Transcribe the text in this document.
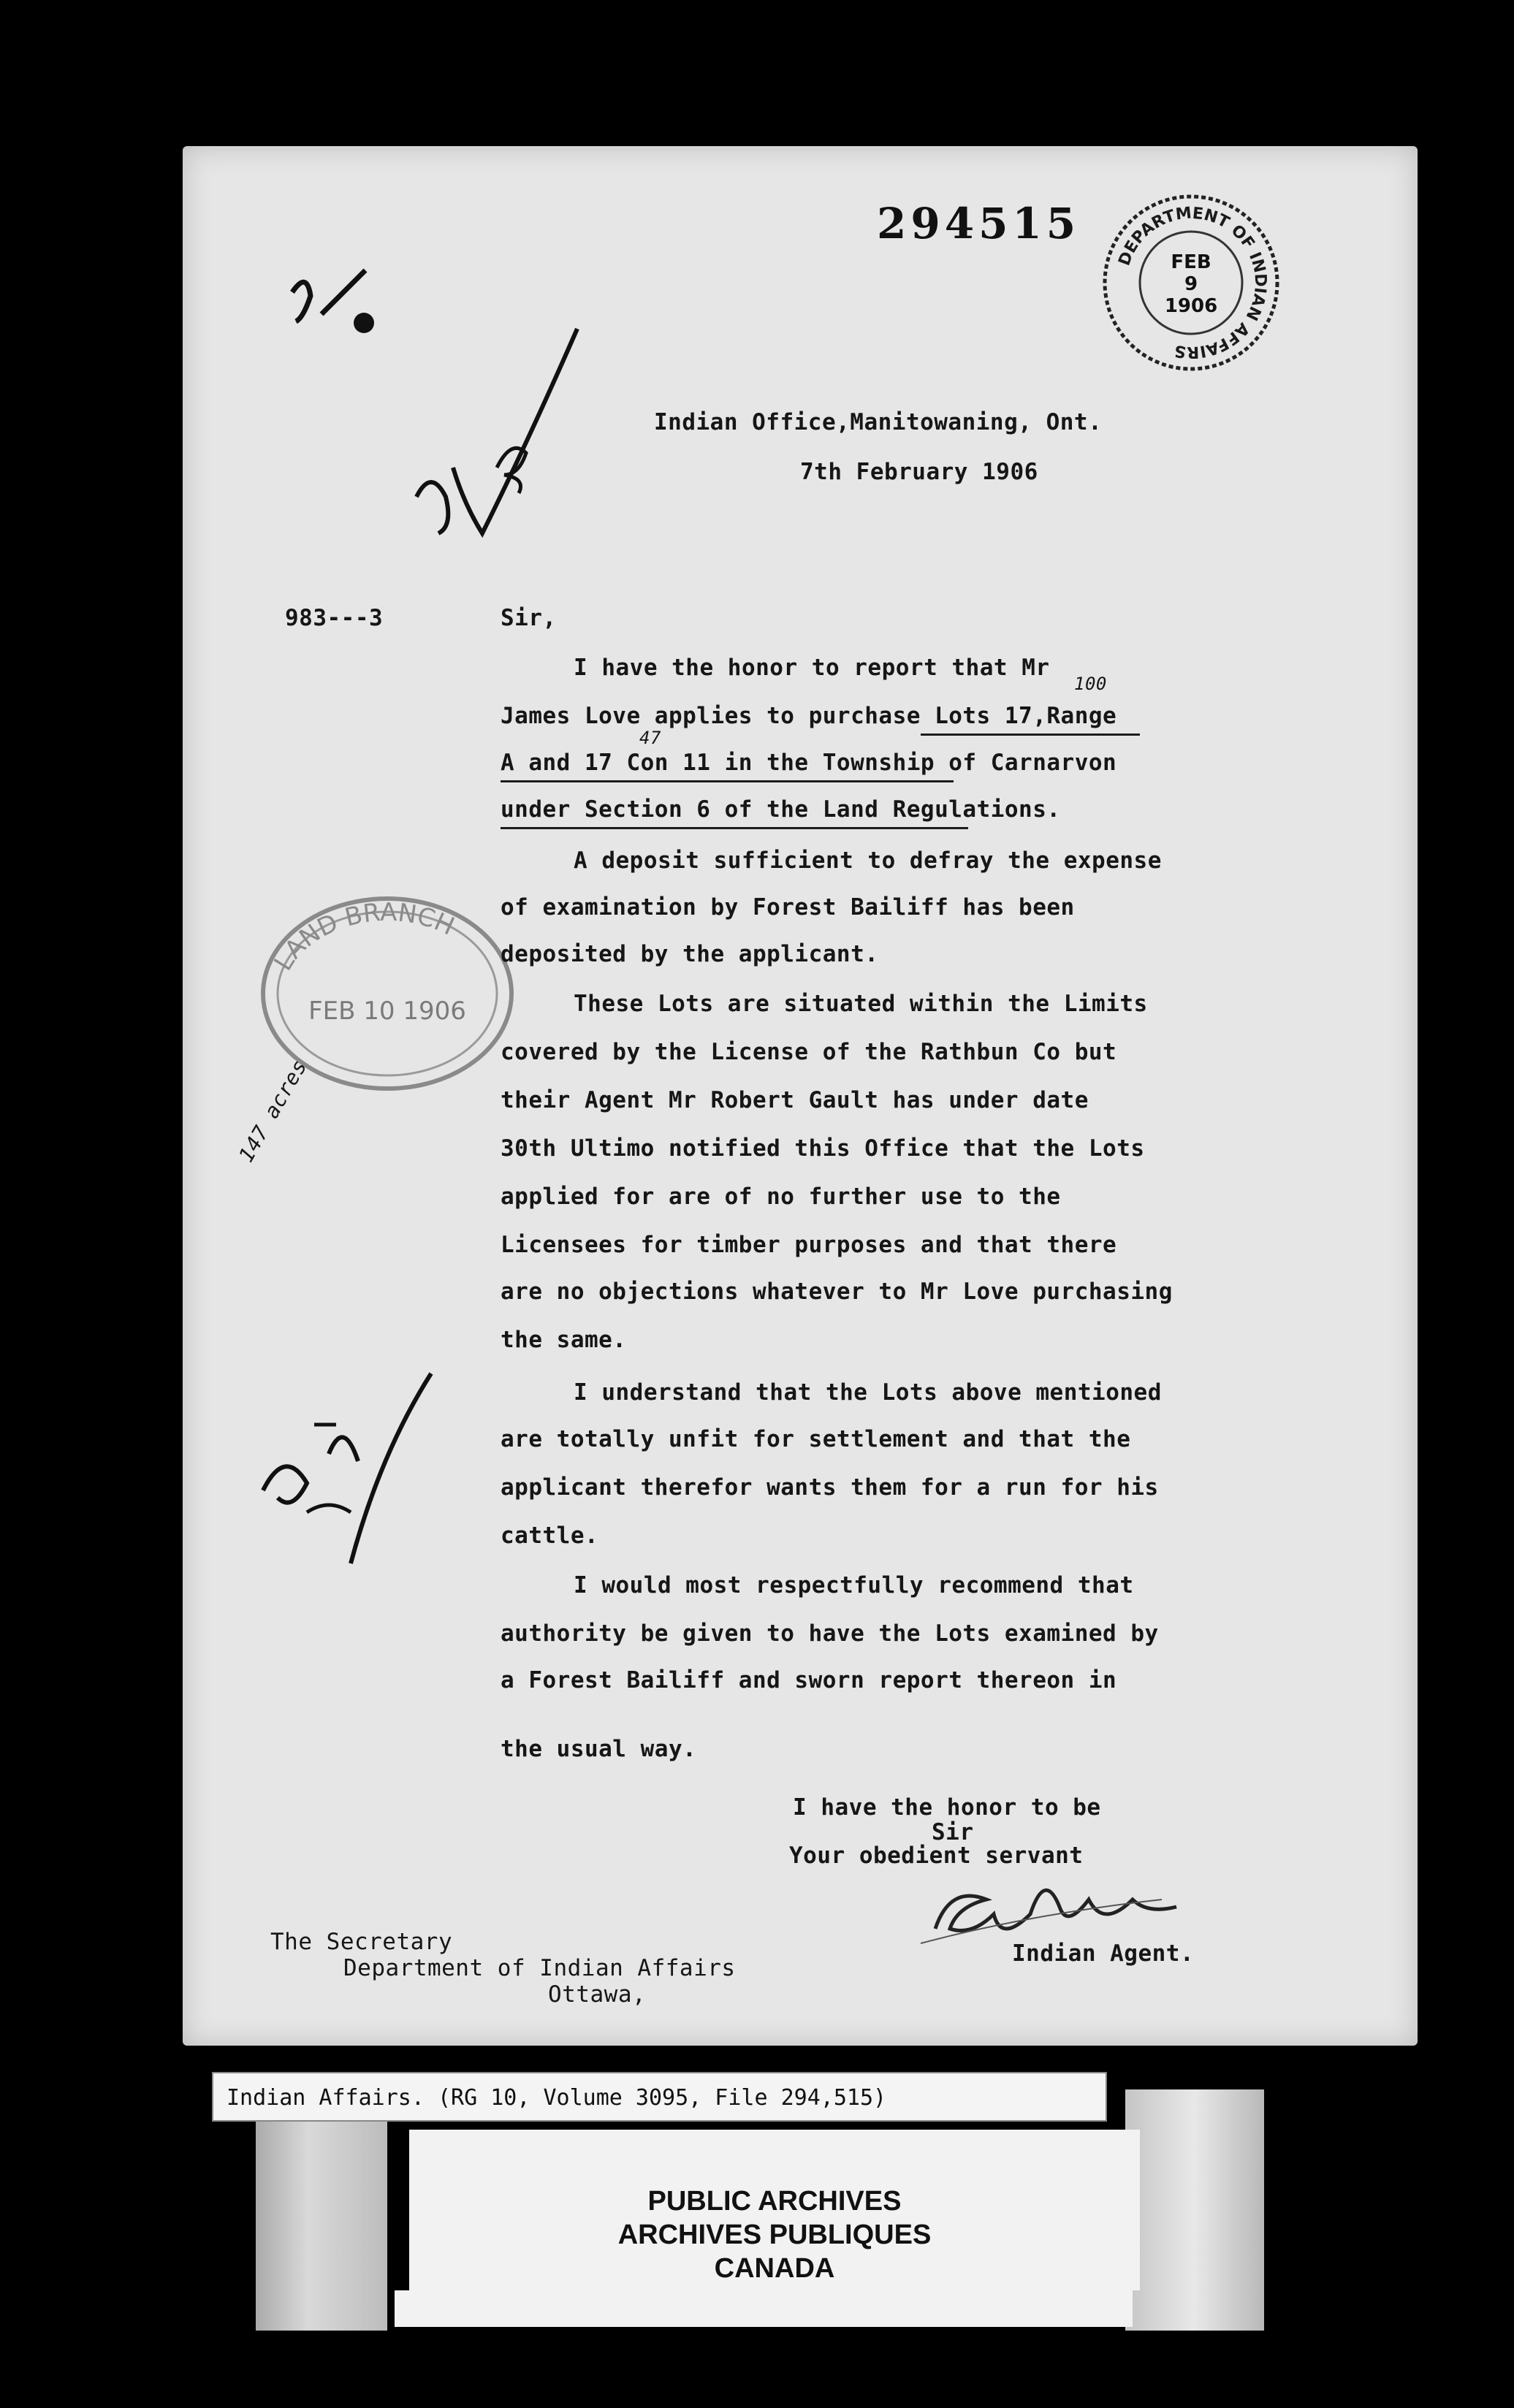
294515
DEPARTMENT OF INDIAN AFFAIRS
FEB
9
1906
LAND BRANCH
FEB 10 1906
Indian Office,Manitowaning, Ont.
7th February 1906
983---3	Sir,
I have the honor to report that Mr
James Love applies to purchase Lots 17,Range
100
A and 17 Con 11 in the Township of Carnarvon
47
under Section 6 of the Land Regulations.
A deposit sufficient to defray the expense
of examination by Forest Bailiff has been
deposited by the applicant.
These Lots are situated within the Limits
covered by the License of the Rathbun Co but
their Agent Mr Robert Gault has under date
30th Ultimo notified this Office that the Lots
applied for are of no further use to the
Licensees for timber purposes and that there
are no objections whatever to Mr Love purchasing
the same.
147 acres
I understand that the Lots above mentioned
are totally unfit for settlement and that the
applicant therefor wants them for a run for his
cattle.
I would most respectfully recommend that
authority be given to have the Lots examined by
a Forest Bailiff and sworn report thereon in
the usual way.
I have the honor to be
Sir
Your obedient servant
Indian Agent.
The Secretary
Department of Indian Affairs
Ottawa,
Indian Affairs. (RG 10, Volume 3095, File 294,515)
PUBLIC ARCHIVES
ARCHIVES PUBLIQUES
CANADA
